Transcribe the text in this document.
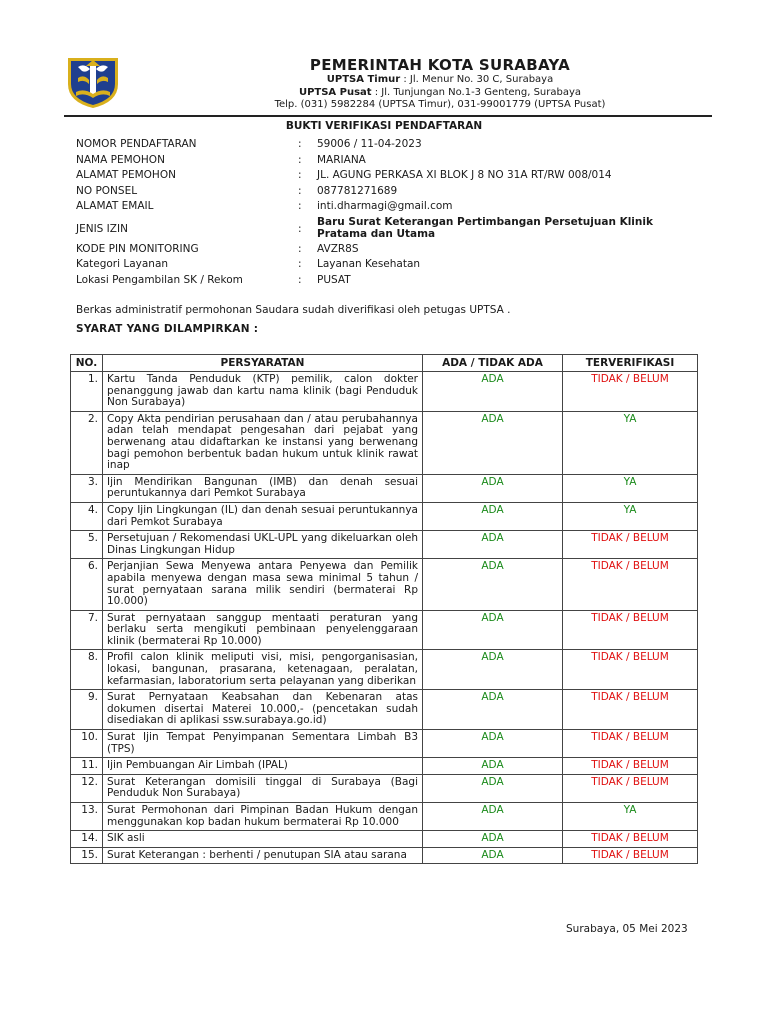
PEMERINTAH KOTA SURABAYA
UPTSA Timur : Jl. Menur No. 30 C, Surabaya
UPTSA Pusat : Jl. Tunjungan No.1-3 Genteng, Surabaya
Telp. (031) 5982284 (UPTSA Timur), 031-99001779 (UPTSA Pusat)
BUKTI VERIFIKASI PENDAFTARAN
NOMOR PENDAFTARAN	: 59006 / 11-04-2023
NAMA PEMOHON	: MARIANA
ALAMAT PEMOHON	: JL. AGUNG PERKASA XI BLOK J 8 NO 31A RT/RW 008/014
NO PONSEL	: 087781271689
ALAMAT EMAIL	: inti.dharmagi@gmail.com
JENIS IZIN	:
Baru Surat Keterangan Pertimbangan Persetujuan Klinik Pratama dan Utama
KODE PIN MONITORING	: AVZR8S
Kategori Layanan	: Layanan Kesehatan
Lokasi Pengambilan SK / Rekom	: PUSAT
Berkas administratif permohonan Saudara sudah diverifikasi oleh petugas UPTSA .
SYARAT YANG DILAMPIRKAN :
NO.	PERSYARATAN	ADA / TIDAK ADA	TERVERIFIKASI
1.	Kartu Tanda Penduduk (KTP) pemilik, calon dokter penanggung jawab dan kartu nama klinik (bagi Penduduk Non Surabaya)	ADA	TIDAK / BELUM
2.	Copy Akta pendirian perusahaan dan / atau perubahannya adan telah mendapat pengesahan dari pejabat yang berwenang atau didaftarkan ke instansi yang berwenang bagi pemohon berbentuk badan hukum untuk klinik rawat inap	ADA	YA
3.	Ijin Mendirikan Bangunan (IMB) dan denah sesuai peruntukannya dari Pemkot Surabaya	ADA	YA
4.	Copy Ijin Lingkungan (IL) dan denah sesuai peruntukannya dari Pemkot Surabaya	ADA	YA
5.	Persetujuan / Rekomendasi UKL-UPL yang dikeluarkan oleh Dinas Lingkungan Hidup	ADA	TIDAK / BELUM
6.	Perjanjian Sewa Menyewa antara Penyewa dan Pemilik apabila menyewa dengan masa sewa minimal 5 tahun / surat pernyataan sarana milik sendiri (bermaterai Rp 10.000)	ADA	TIDAK / BELUM
7.	Surat pernyataan sanggup mentaati peraturan yang berlaku serta mengikuti pembinaan penyelenggaraan klinik (bermaterai Rp 10.000)	ADA	TIDAK / BELUM
8.	Profil calon klinik meliputi visi, misi, pengorganisasian, lokasi, bangunan, prasarana, ketenagaan, peralatan, kefarmasian, laboratorium serta pelayanan yang diberikan	ADA	TIDAK / BELUM
9.	Surat Pernyataan Keabsahan dan Kebenaran atas dokumen disertai Materei 10.000,- (pencetakan sudah disediakan di aplikasi ssw.surabaya.go.id)	ADA	TIDAK / BELUM
10.	Surat Ijin Tempat Penyimpanan Sementara Limbah B3 (TPS)	ADA	TIDAK / BELUM
11.	Ijin Pembuangan Air Limbah (IPAL)	ADA	TIDAK / BELUM
12.	Surat Keterangan domisili tinggal di Surabaya (Bagi Penduduk Non Surabaya)	ADA	TIDAK / BELUM
13.	Surat Permohonan dari Pimpinan Badan Hukum dengan menggunakan kop badan hukum bermaterai Rp 10.000	ADA	YA
14.	SIK asli	ADA	TIDAK / BELUM
15.	Surat Keterangan : berhenti / penutupan SIA atau sarana	ADA	TIDAK / BELUM
Surabaya, 05 Mei 2023
